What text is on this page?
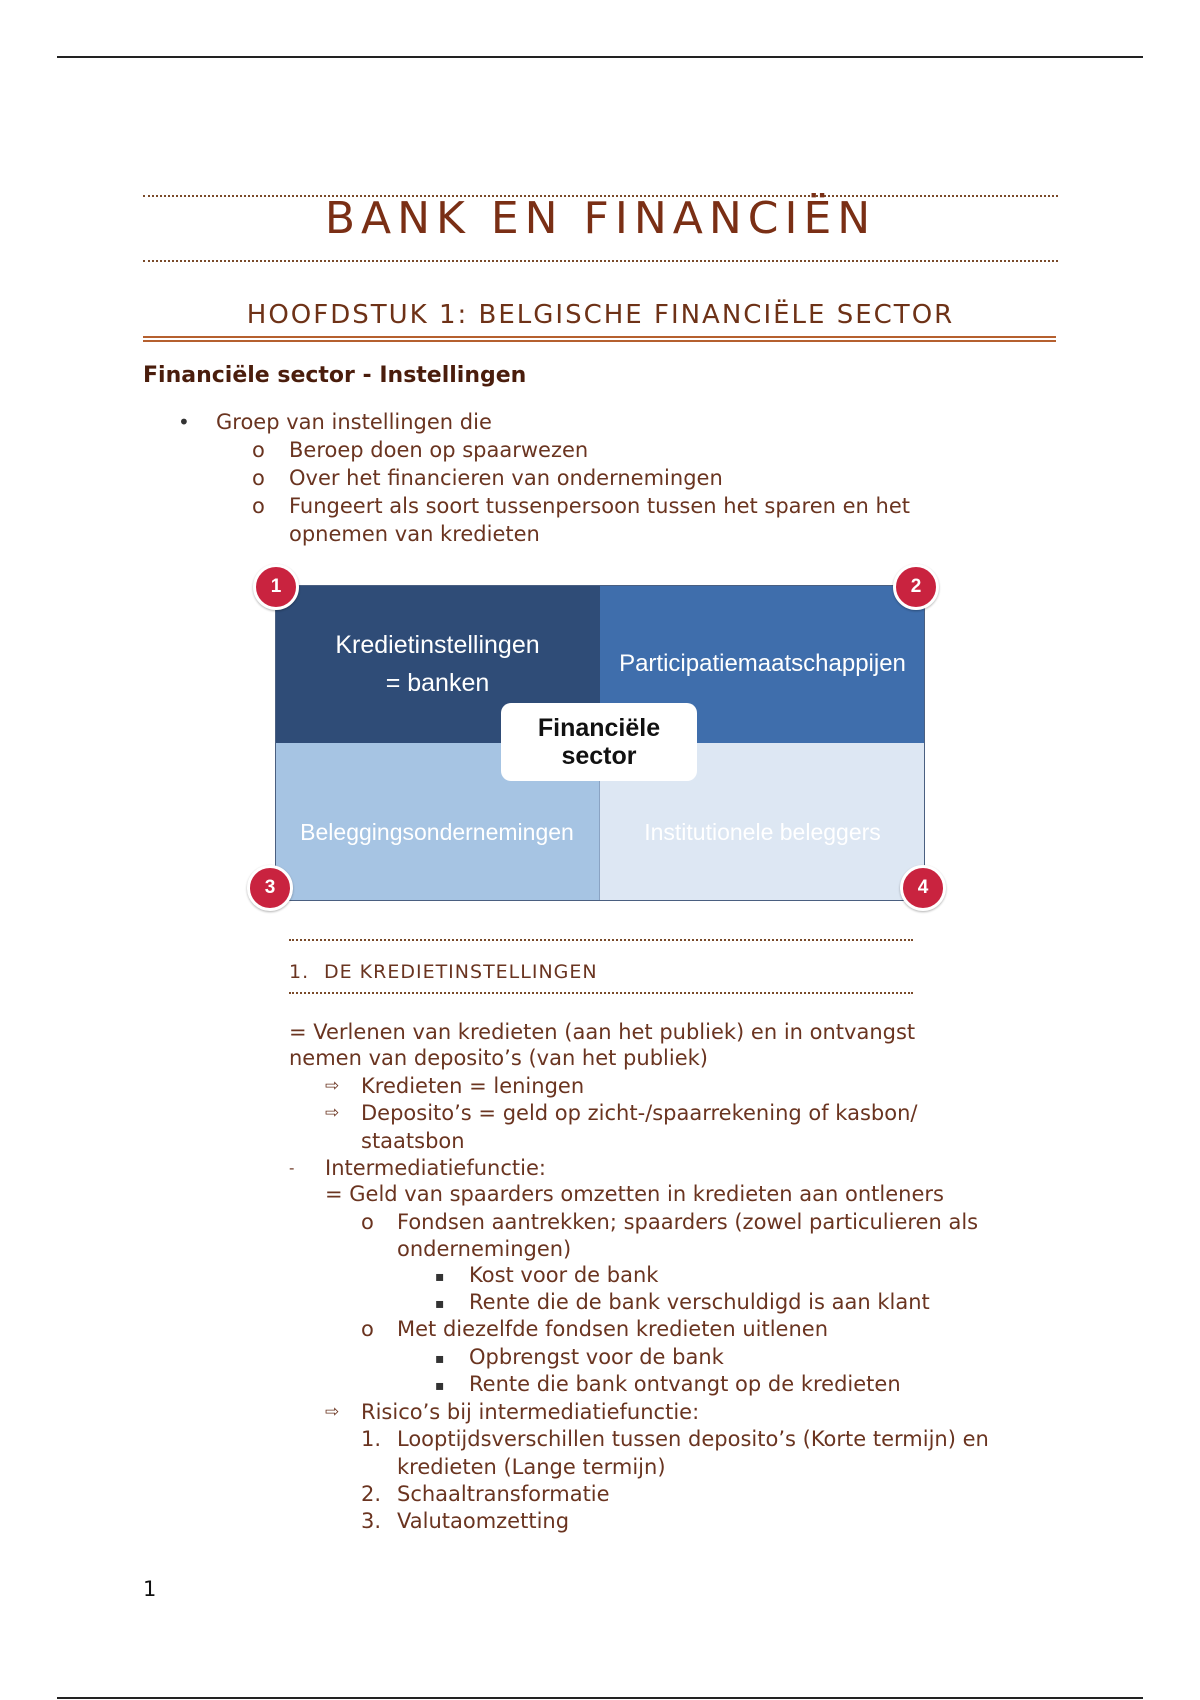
BANK EN FINANCIËN
HOOFDSTUK 1: BELGISCHE FINANCIËLE SECTOR
Financiële sector - Instellingen
• Groep van instellingen die
o Beroep doen op spaarwezen
o Over het financieren van ondernemingen
o Fungeert als soort tussenpersoon tussen het sparen en het
opnemen van kredieten
Kredietinstellingen
= banken
Participatiemaatschappijen
Beleggingsondernemingen	Institutionele beleggers
Financiële
sector
1	2
3	4
1. DE KREDIETINSTELLINGEN
= Verlenen van kredieten (aan het publiek) en in ontvangst
nemen van deposito’s (van het publiek)
⇨ Kredieten = leningen
⇨ Deposito’s = geld op zicht-/spaarrekening of kasbon/
staatsbon
- Intermediatiefunctie:
= Geld van spaarders omzetten in kredieten aan ontleners
o Fondsen aantrekken; spaarders (zowel particulieren als
ondernemingen)
▪ Kost voor de bank
▪ Rente die de bank verschuldigd is aan klant
o Met diezelfde fondsen kredieten uitlenen
▪ Opbrengst voor de bank
▪ Rente die bank ontvangt op de kredieten
⇨ Risico’s bij intermediatiefunctie:
1. Looptijdsverschillen tussen deposito’s (Korte termijn) en
kredieten (Lange termijn)
2. Schaaltransformatie
3. Valutaomzetting
1
